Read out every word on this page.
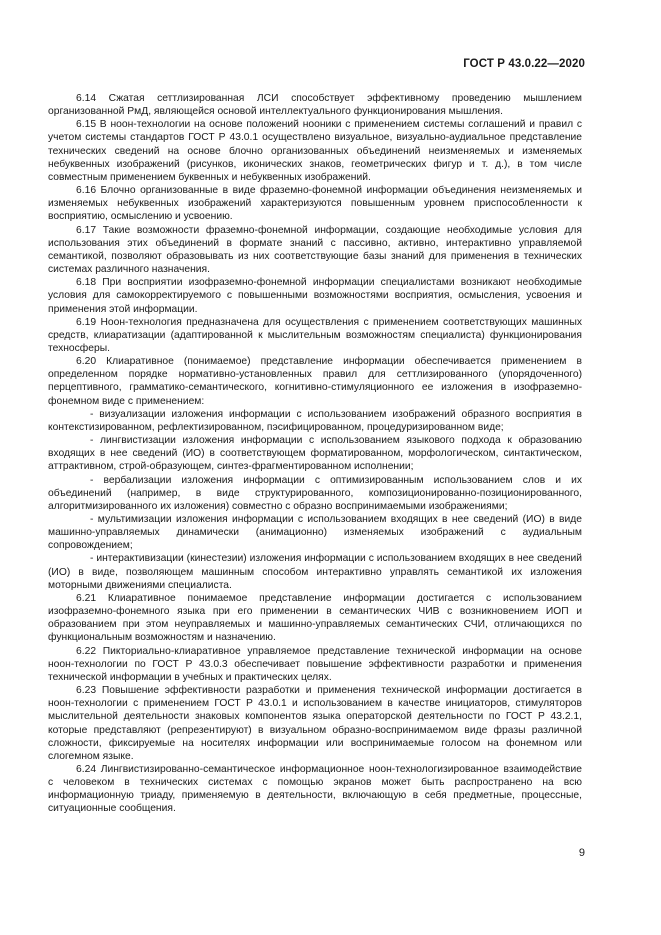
ГОСТ Р 43.0.22—2020

6.14 Сжатая сеттлизированная ЛСИ способствует эффективному проведению мышлением организованной РмД, являющейся основой интеллектуального функционирования мышления.

6.15 В ноон-технологии на основе положений нооники с применением системы соглашений и правил с учетом системы стандартов ГОСТ Р 43.0.1 осуществлено визуальное, визуально-аудиальное представление технических сведений на основе блочно организованных объединений неизменяемых и изменяемых небуквенных изображений (рисунков, иконических знаков, геометрических фигур и т. д.), в том числе совместным применением буквенных и небуквенных изображений.

6.16 Блочно организованные в виде фраземно-фонемной информации объединения неизменяемых и изменяемых небуквенных изображений характеризуются повышенным уровнем приспособленности к восприятию, осмыслению и усвоению.

6.17 Такие возможности фраземно-фонемной информации, создающие необходимые условия для использования этих объединений в формате знаний с пассивно, активно, интерактивно управляемой семантикой, позволяют образовывать из них соответствующие базы знаний для применения в технических системах различного назначения.

6.18 При восприятии изофраземно-фонемной информации специалистами возникают необходимые условия для самокорректируемого с повышенными возможностями восприятия, осмысления, усвоения и применения этой информации.

6.19 Ноон-технология предназначена для осуществления с применением соответствующих машинных средств, клиаратизации (адаптированной к мыслительным возможностям специалиста) функционирования техносферы.

6.20 Клиаративное (понимаемое) представление информации обеспечивается применением в определенном порядке нормативно-установленных правил для сеттлизированного (упорядоченного) перцептивного, грамматико-семантического, когнитивно-стимуляционного ее изложения в изофраземно-фонемном виде с применением:

- визуализации изложения информации с использованием изображений образного восприятия в контекстизированном, рефлектизированном, пэсифицированном, процедуризированном виде;

- лингвистизации изложения информации с использованием языкового подхода к образованию входящих в нее сведений (ИО) в соответствующем форматированном, морфологическом, синтактическом, аттрактивном, строй-образующем, синтез-фрагментированном исполнении;

- вербализации изложения информации с оптимизированным использованием слов и их объединений (например, в виде структурированного, композиционированно-позиционированного, алгоритмизированного их изложения) совместно с образно воспринимаемыми изображениями;

- мультимизации изложения информации с использованием входящих в нее сведений (ИО) в виде машинно-управляемых динамически (анимационно) изменяемых изображений с аудиальным сопровождением;

- интерактивизации (кинестезии) изложения информации с использованием входящих в нее сведений (ИО) в виде, позволяющем машинным способом интерактивно управлять семантикой их изложения моторными движениями специалиста.

6.21 Клиаративное понимаемое представление информации достигается с использованием изофраземно-фонемного языка при его применении в семантических ЧИВ с возникновением ИОП и образованием при этом неуправляемых и машинно-управляемых семантических СЧИ, отличающихся по функциональным возможностям и назначению.

6.22 Пикториально-клиаративное управляемое представление технической информации на основе ноон-технологии по ГОСТ Р 43.0.3 обеспечивает повышение эффективности разработки и применения технической информации в учебных и практических целях.

6.23 Повышение эффективности разработки и применения технической информации достигается в ноон-технологии с применением ГОСТ Р 43.0.1 и использованием в качестве инициаторов, стимуляторов мыслительной деятельности знаковых компонентов языка операторской деятельности по ГОСТ Р 43.2.1, которые представляют (репрезентируют) в визуальном образно-воспринимаемом виде фразы различной сложности, фиксируемые на носителях информации или воспринимаемые голосом на фонемном или слогемном языке.

6.24 Лингвистизированно-семантическое информационное ноон-технологизированное взаимодействие с человеком в технических системах с помощью экранов может быть распространено на всю информационную триаду, применяемую в деятельности, включающую в себя предметные, процессные, ситуационные сообщения.

9
